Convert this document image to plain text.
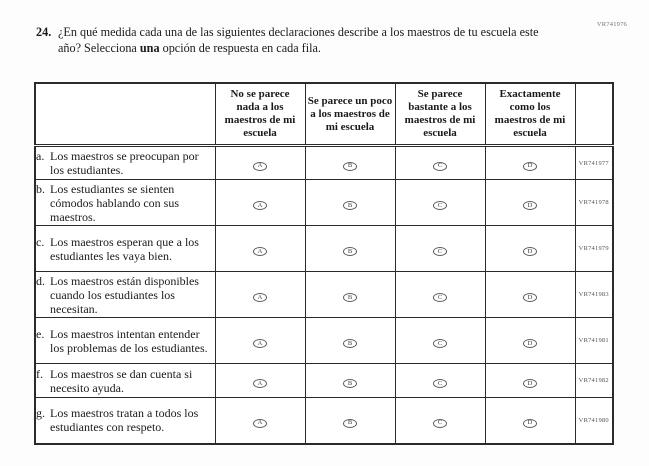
VR741976
24. ¿En qué medida cada una de las siguientes declaraciones describe a los maestros de tu escuela este año? Selecciona una opción de respuesta en cada fila.
	No se parece nada a los maestros de mi escuela	Se parece un poco a los maestros de mi escuela	Se parece bastante a los maestros de mi escuela	Exactamente como los maestros de mi escuela	

a. Los maestros se preocupan por los estudiantes.	A	B	C	D	VR741977

b. Los estudiantes se sienten cómodos hablando con sus maestros.	A	B	C	D	VR741978

c. Los maestros esperan que a los estudiantes les vaya bien.	A	B	C	D	VR741979

d. Los maestros están disponibles cuando los estudiantes los necesitan.	A	B	C	D	VR741983

e. Los maestros intentan entender los problemas de los estudiantes.	A	B	C	D	VR741981

f. Los maestros se dan cuenta si necesito ayuda.	A	B	C	D	VR741982

g. Los maestros tratan a todos los estudiantes con respeto.	A	B	C	D	VR741980
